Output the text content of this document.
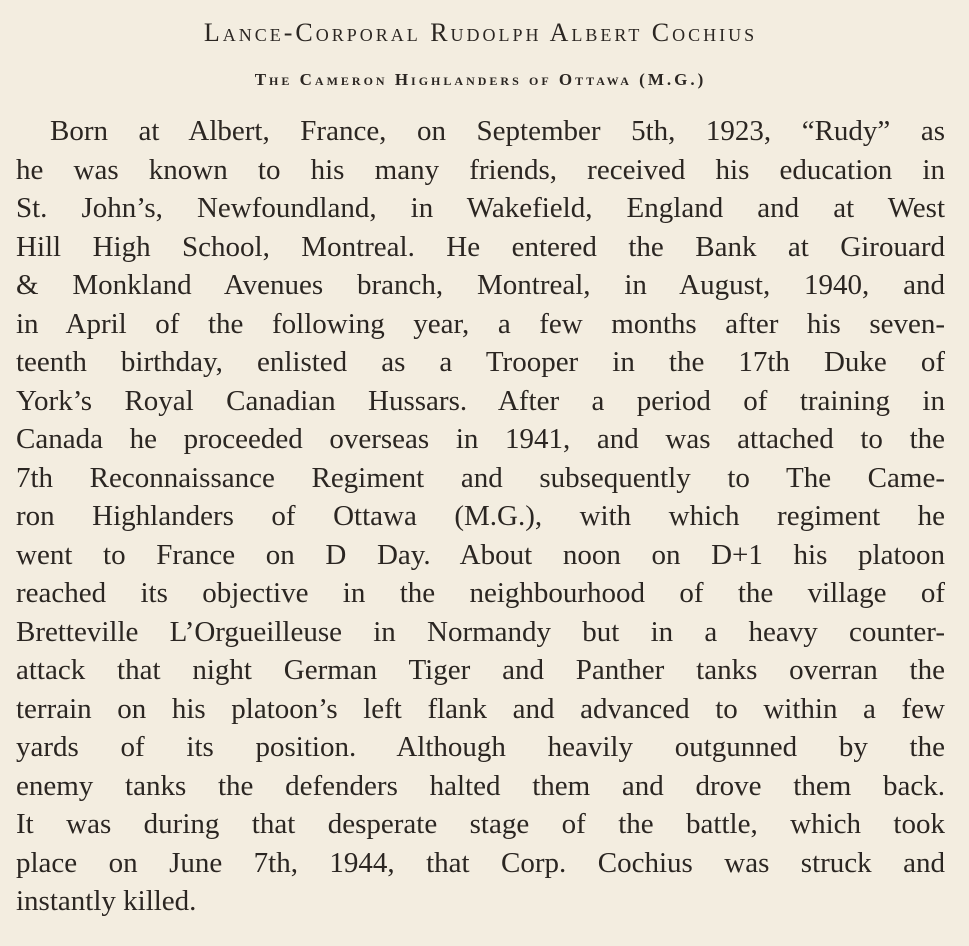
Lance-Corporal Rudolph Albert Cochius
The Cameron Highlanders of Ottawa (M.G.)
Born at Albert, France, on September 5th, 1923, “Rudy” as
he was known to his many friends, received his education in
St. John’s, Newfoundland, in Wakefield, England and at West
Hill High School, Montreal. He entered the Bank at Girouard
& Monkland Avenues branch, Montreal, in August, 1940, and
in April of the following year, a few months after his seven-
teenth birthday, enlisted as a Trooper in the 17th Duke of
York’s Royal Canadian Hussars. After a period of training in
Canada he proceeded overseas in 1941, and was attached to the
7th Reconnaissance Regiment and subsequently to The Came-
ron Highlanders of Ottawa (M.G.), with which regiment he
went to France on D Day. About noon on D+1 his platoon
reached its objective in the neighbourhood of the village of
Bretteville L’Orgueilleuse in Normandy but in a heavy counter-
attack that night German Tiger and Panther tanks overran the
terrain on his platoon’s left flank and advanced to within a few
yards of its position. Although heavily outgunned by the
enemy tanks the defenders halted them and drove them back.
It was during that desperate stage of the battle, which took
place on June 7th, 1944, that Corp. Cochius was struck and
instantly killed.
